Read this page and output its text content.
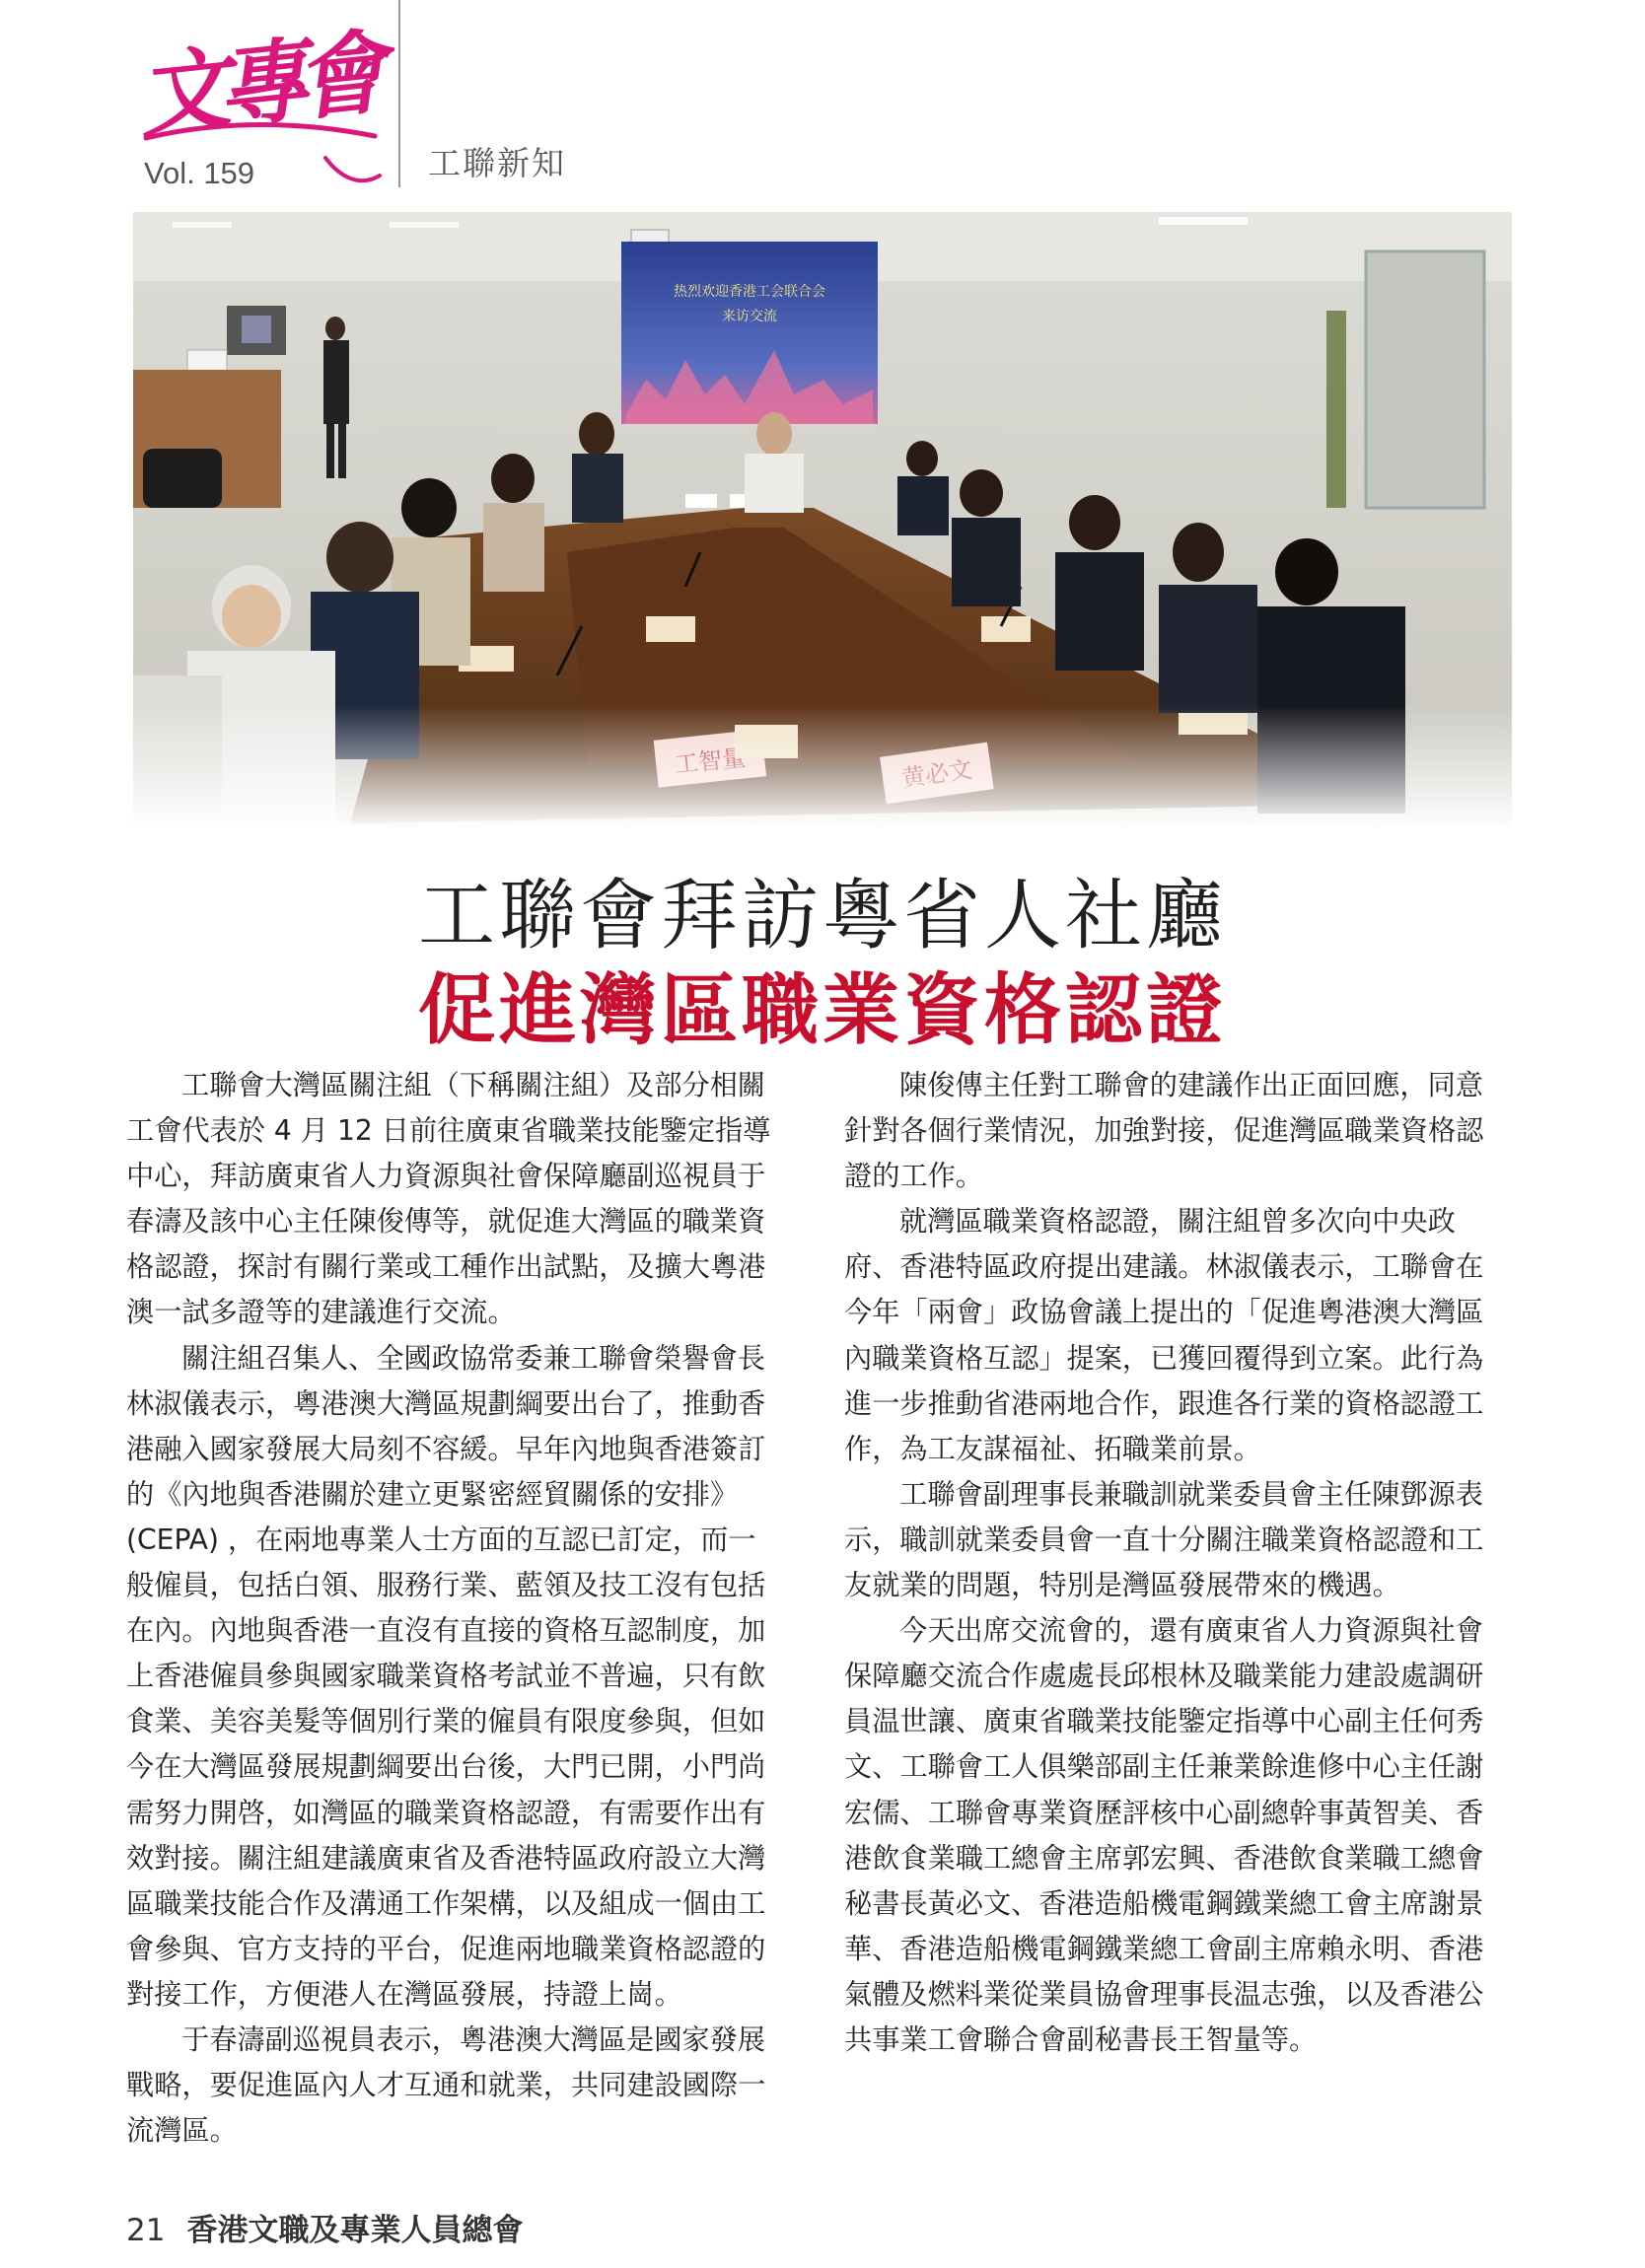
文專會
Vol. 159	工聯新知
热烈欢迎香港工会联合会
来访交流
工聯會拜訪粵省人社廳
促進灣區職業資格認證
工聯會大灣區關注組（下稱關注組）及部分相關
工會代表於 4 月 12 日前往廣東省職業技能鑒定指導
中心，拜訪廣東省人力資源與社會保障廳副巡視員于
春濤及該中心主任陳俊傳等，就促進大灣區的職業資
格認證，探討有關行業或工種作出試點，及擴大粵港
澳一試多證等的建議進行交流。
關注組召集人、全國政協常委兼工聯會榮譽會長
林淑儀表示，粵港澳大灣區規劃綱要出台了，推動香
港融入國家發展大局刻不容緩。早年內地與香港簽訂
的《內地與香港關於建立更緊密經貿關係的安排》
(CEPA) ，在兩地專業人士方面的互認已訂定，而一
般僱員，包括白領、服務行業、藍領及技工沒有包括
在內。內地與香港一直沒有直接的資格互認制度，加
上香港僱員參與國家職業資格考試並不普遍，只有飲
食業、美容美髮等個別行業的僱員有限度參與，但如
今在大灣區發展規劃綱要出台後，大門已開，小門尚
需努力開啓，如灣區的職業資格認證，有需要作出有
效對接。關注組建議廣東省及香港特區政府設立大灣
區職業技能合作及溝通工作架構，以及組成一個由工
會參與、官方支持的平台，促進兩地職業資格認證的
對接工作，方便港人在灣區發展，持證上崗。
于春濤副巡視員表示，粵港澳大灣區是國家發展
戰略，要促進區內人才互通和就業，共同建設國際一
流灣區。
陳俊傳主任對工聯會的建議作出正面回應，同意
針對各個行業情況，加強對接，促進灣區職業資格認
證的工作。
就灣區職業資格認證，關注組曾多次向中央政
府、香港特區政府提出建議。林淑儀表示，工聯會在
今年「兩會」政協會議上提出的「促進粵港澳大灣區
內職業資格互認」提案，已獲回覆得到立案。此行為
進一步推動省港兩地合作，跟進各行業的資格認證工
作，為工友謀福祉、拓職業前景。
工聯會副理事長兼職訓就業委員會主任陳鄧源表
示，職訓就業委員會一直十分關注職業資格認證和工
友就業的問題，特別是灣區發展帶來的機遇。
今天出席交流會的，還有廣東省人力資源與社會
保障廳交流合作處處長邱根林及職業能力建設處調研
員温世讓、廣東省職業技能鑒定指導中心副主任何秀
文、工聯會工人俱樂部副主任兼業餘進修中心主任謝
宏儒、工聯會專業資歷評核中心副總幹事黃智美、香
港飲食業職工總會主席郭宏興、香港飲食業職工總會
秘書長黃必文、香港造船機電鋼鐵業總工會主席謝景
華、香港造船機電鋼鐵業總工會副主席賴永明、香港
氣體及燃料業從業員協會理事長温志強，以及香港公
共事業工會聯合會副秘書長王智量等。
21 香港文職及專業人員總會
